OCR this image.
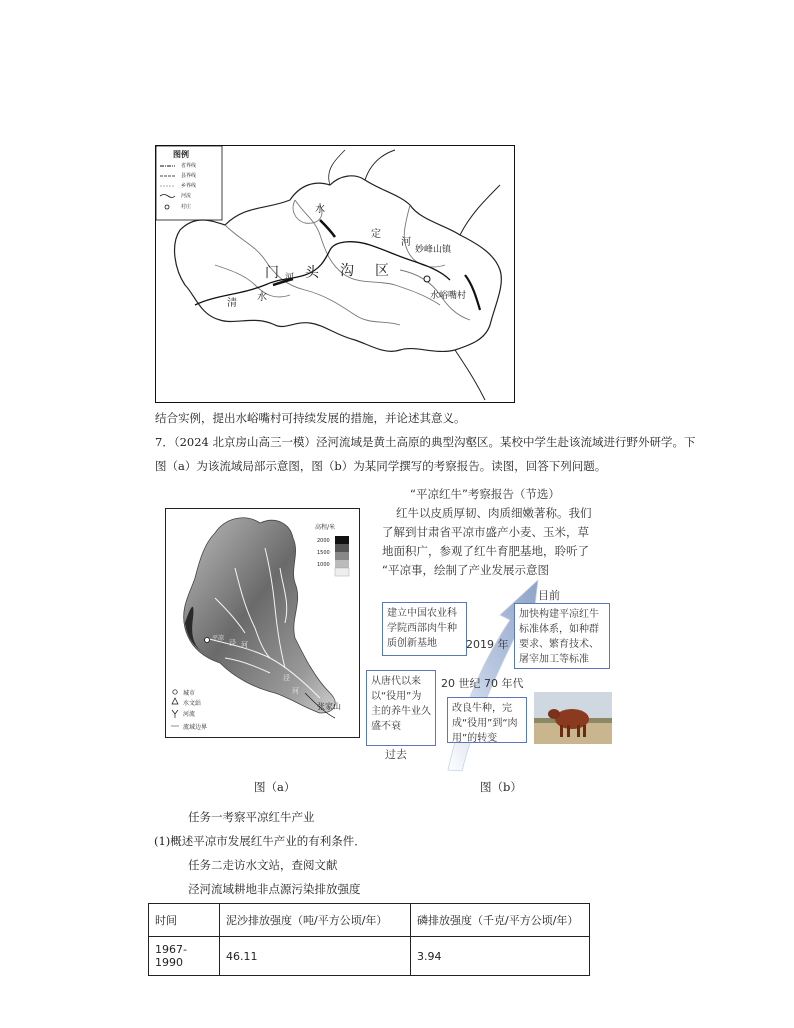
图例
省界线
县界线
乡界线
河流
村庄	水
定
河
妙峰山镇
门 头 沟 区
河
清
水	水峪嘴村
结合实例，提出水峪嘴村可持续发展的措施，并论述其意义。
7．（2024 北京房山高三一模）泾河流域是黄土高原的典型沟壑区。某校中学生赴该流域进行野外研学。下
图（a）为该流域局部示意图，图（b）为某同学撰写的考察报告。读图，回答下列问题。
高程/米
2000
1500
1000
城市
水文站
河流
流域边界
张家山
平凉
泾 河
泾
河
图（a）
“平凉红牛”考察报告（节选）
红牛以皮质厚韧、肉质细嫩著称。我们
了解到甘肃省平凉市盛产小麦、玉米，草
地面积广，参观了红牛育肥基地，聆听了
“平凉事，绘制了产业发展示意图
建立中国农业科学院西部肉牛种质创新基地	2019 年
目前
加快构建平凉红牛标准体系，如种群要求、繁育技术、屠宰加工等标准
20 世纪 70 年代
从唐代以来以“役用”为主的养牛业久盛不衰
过去
改良牛种，完成“役用”到“肉用”的转变
图（b）
任务一考察平凉红牛产业
(1)概述平凉市发展红牛产业的有利条件．
任务二走访水文站，查阅文献
泾河流域耕地非点源污染排放强度
时间	泥沙排放强度（吨/平方公顷/年）	磷排放强度（千克/平方公顷/年）
1967-1990	46.11	3.94
